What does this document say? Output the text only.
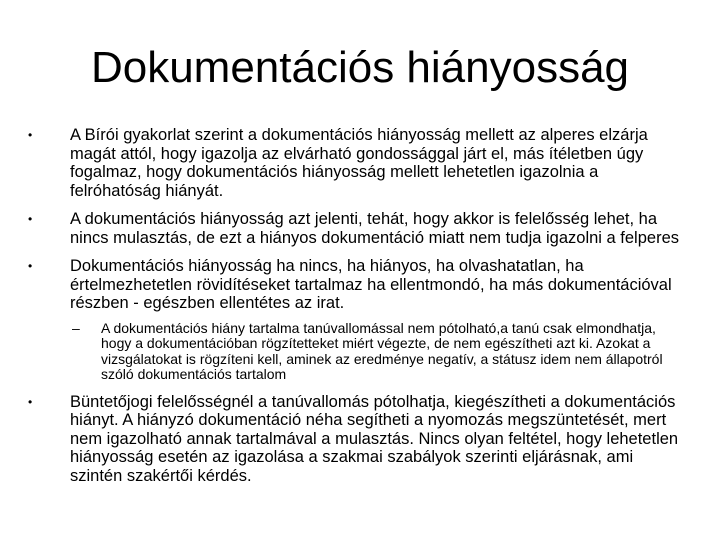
Dokumentációs hiányosság

•	A Bírói gyakorlat szerint a dokumentációs hiányosság mellett az alperes elzárja magát attól, hogy igazolja az elvárható gondossággal járt el, más ítéletben úgy fogalmaz, hogy dokumentációs hiányosság mellett lehetetlen igazolnia a felróhatóság hiányát.

•	A dokumentációs hiányosság azt jelenti, tehát, hogy akkor is felelősség lehet, ha nincs mulasztás, de ezt a hiányos dokumentáció miatt nem tudja igazolni a felperes

•	Dokumentációs hiányosság ha nincs, ha hiányos, ha olvashatatlan, ha értelmezhetetlen rövidítéseket tartalmaz ha ellentmondó, ha más dokumentációval részben - egészben ellentétes az irat.

– A dokumentációs hiány tartalma tanúvallomással nem pótolható,a tanú csak elmondhatja, hogy a dokumentációban rögzítetteket miért végezte, de nem egészítheti azt ki. Azokat a vizsgálatokat is rögzíteni kell, aminek az eredménye negatív, a státusz idem nem állapotról szóló dokumentációs tartalom

•	Büntetőjogi felelősségnél a tanúvallomás pótolhatja, kiegészítheti a dokumentációs hiányt. A hiányzó dokumentáció néha segítheti a nyomozás megszüntetését, mert nem igazolható annak tartalmával a mulasztás. Nincs olyan feltétel, hogy lehetetlen hiányosság esetén az igazolása a szakmai szabályok szerinti eljárásnak, ami szintén szakértői kérdés.
